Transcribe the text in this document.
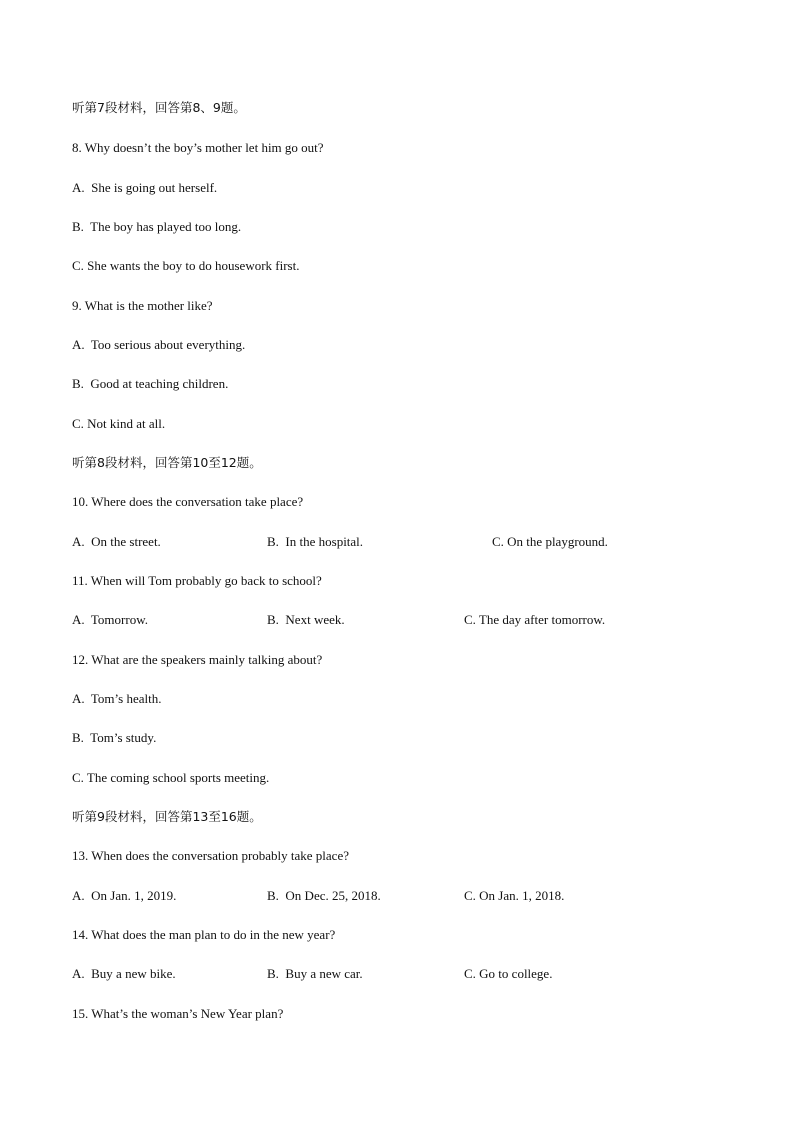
听第7段材料，回答第8、9题。
8. Why doesn’t the boy’s mother let him go out?
A.  She is going out herself.
B.  The boy has played too long.
C. She wants the boy to do housework first.
9. What is the mother like?
A.  Too serious about everything.
B.  Good at teaching children.
C. Not kind at all.
听第8段材料，回答第10至12题。
10. Where does the conversation take place?
A.  On the street.	B.  In the hospital.	C. On the playground.
11. When will Tom probably go back to school?
A.  Tomorrow.	B.  Next week.	C. The day after tomorrow.
12. What are the speakers mainly talking about?
A.  Tom’s health.
B.  Tom’s study.
C. The coming school sports meeting.
听第9段材料，回答第13至16题。
13. When does the conversation probably take place?
A.  On Jan. 1, 2019.	B.  On Dec. 25, 2018.	C. On Jan. 1, 2018.
14. What does the man plan to do in the new year?
A.  Buy a new bike.	B.  Buy a new car.	C. Go to college.
15. What’s the woman’s New Year plan?
